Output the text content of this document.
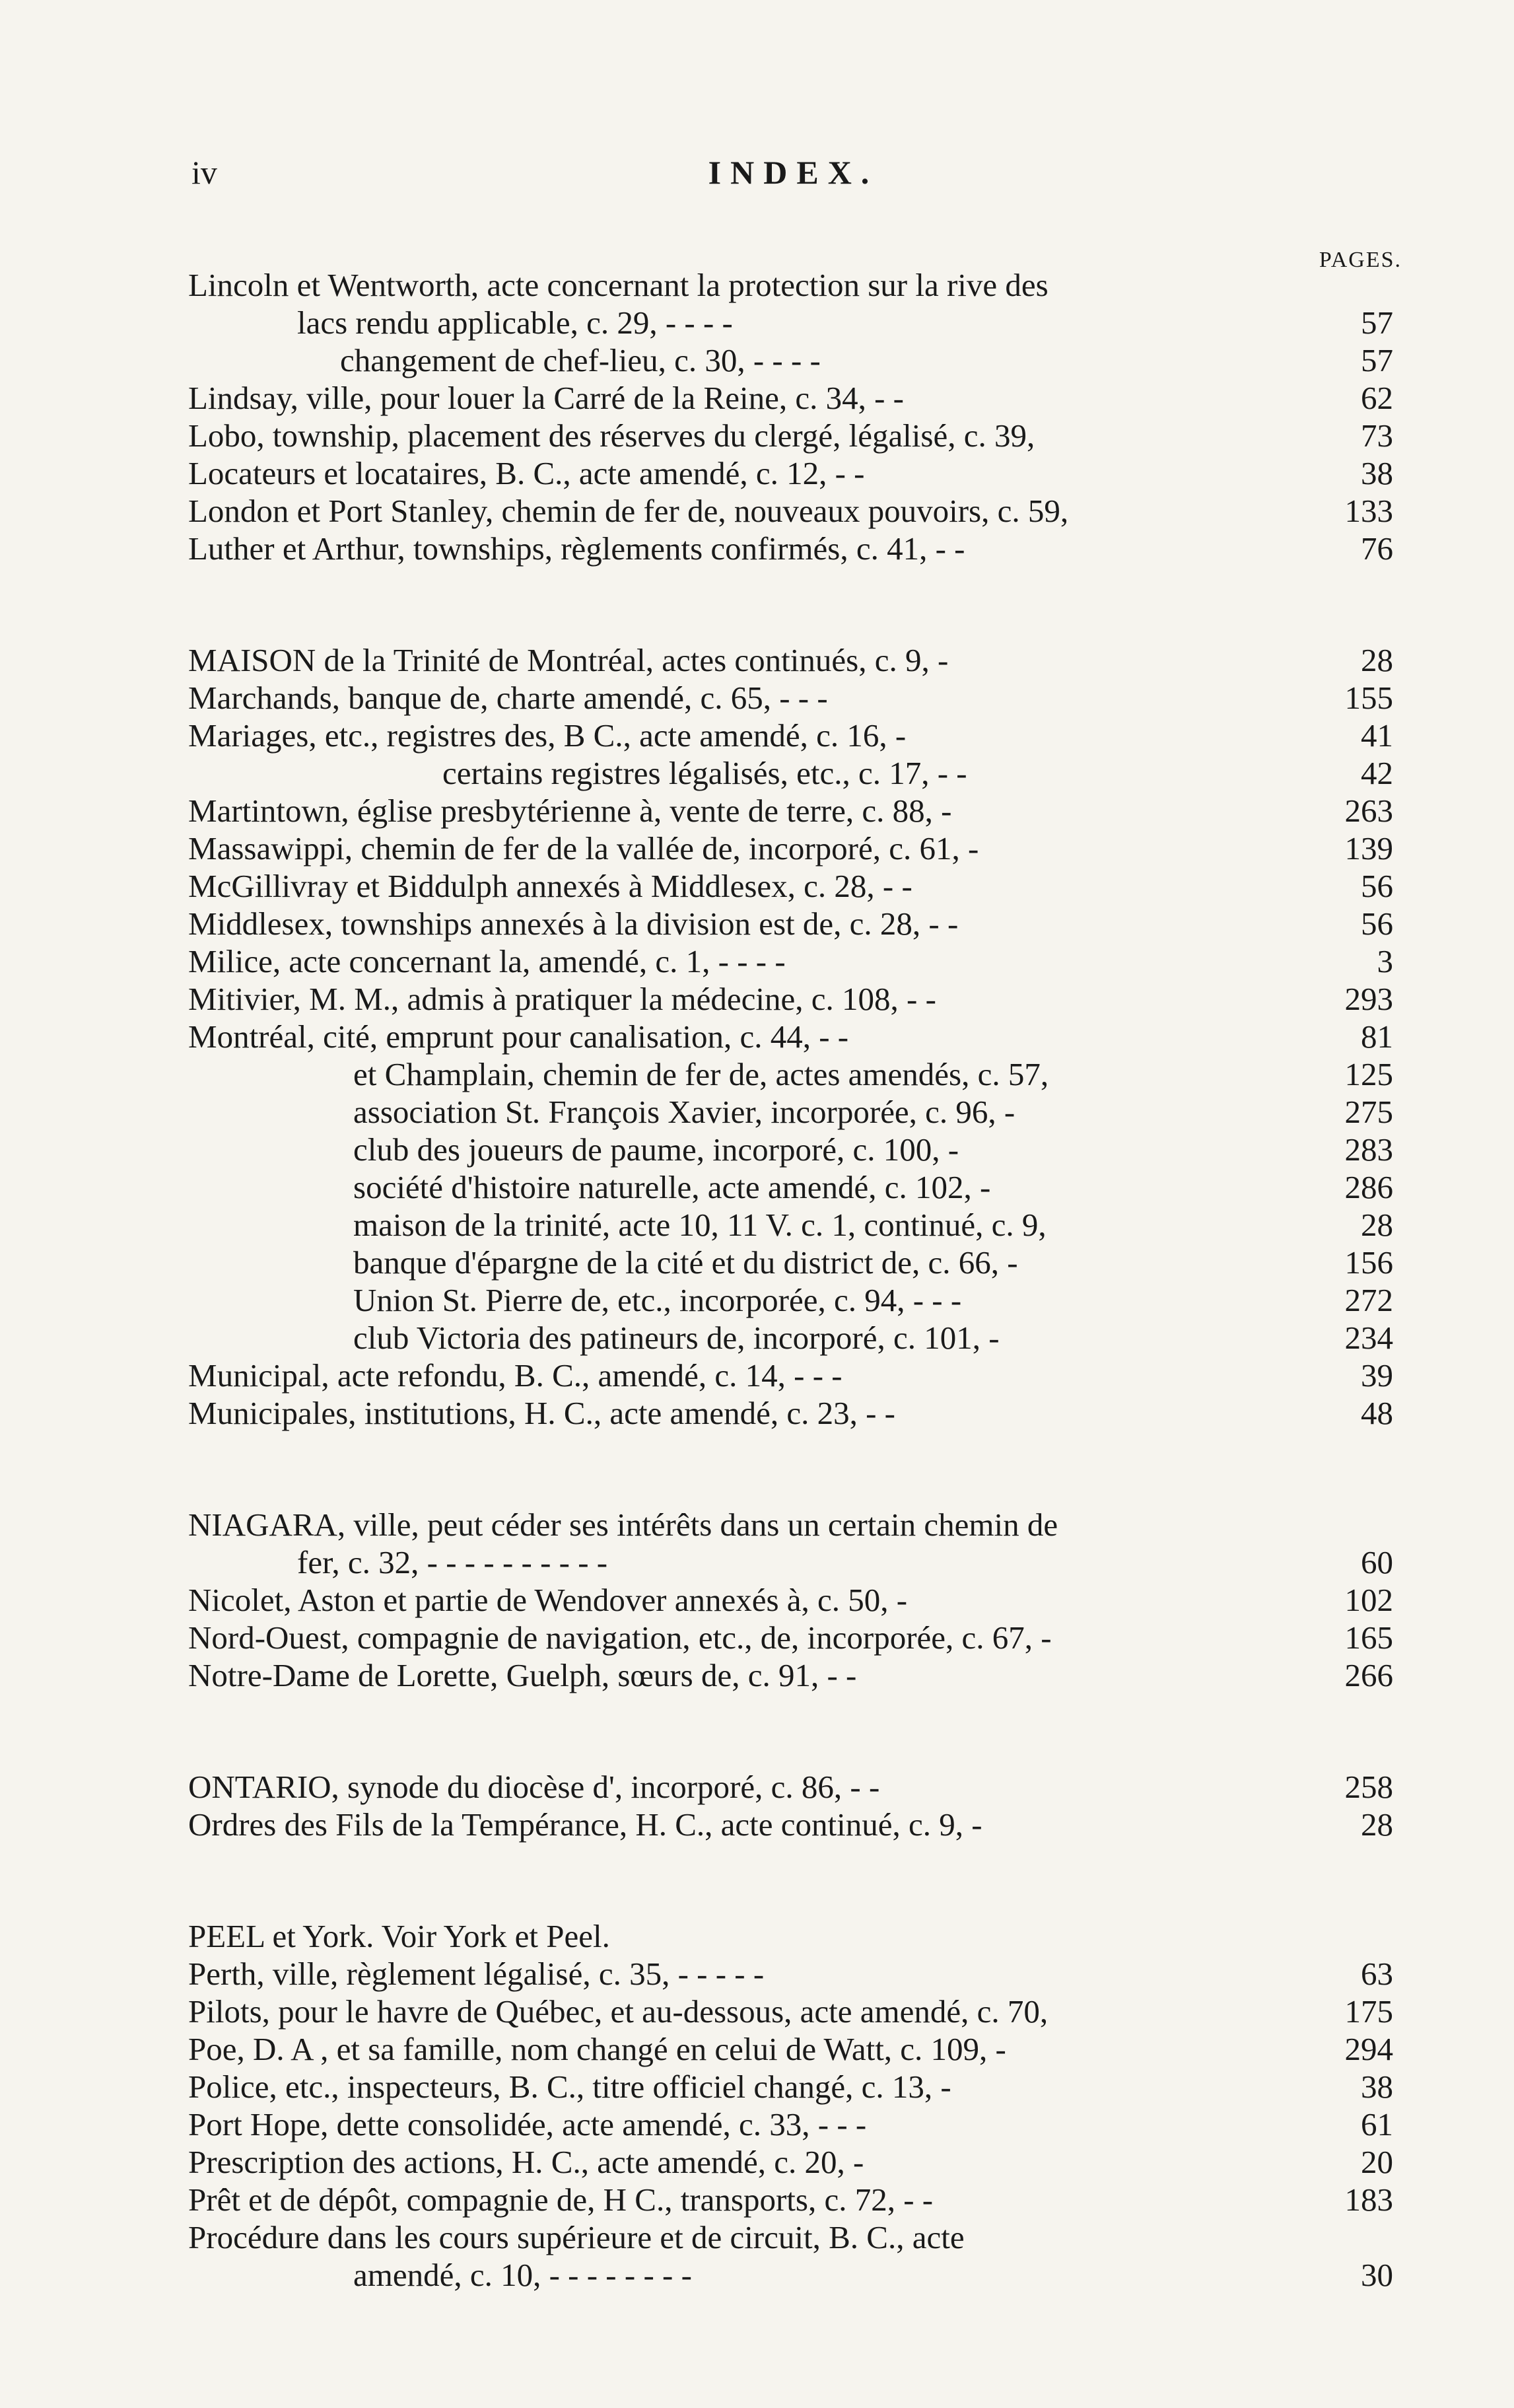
iv	INDEX.
PAGES.
Lincoln et Wentworth, acte concernant la protection sur la rive des
lacs rendu applicable, c. 29, - - - -	57
changement de chef-lieu, c. 30, - - - -	57
Lindsay, ville, pour louer la Carré de la Reine, c. 34, - -	62
Lobo, township, placement des réserves du clergé, légalisé, c. 39,	73
Locateurs et locataires, B. C., acte amendé, c. 12, - -	38
London et Port Stanley, chemin de fer de, nouveaux pouvoirs, c. 59,	133
Luther et Arthur, townships, règlements confirmés, c. 41, - -	76
MAISON de la Trinité de Montréal, actes continués, c. 9, -	28
Marchands, banque de, charte amendé, c. 65, - - -	155
Mariages, etc., registres des, B C., acte amendé, c. 16, -	41
certains registres légalisés, etc., c. 17, - -	42
Martintown, église presbytérienne à, vente de terre, c. 88, -	263
Massawippi, chemin de fer de la vallée de, incorporé, c. 61, -	139
McGillivray et Biddulph annexés à Middlesex, c. 28, - -	56
Middlesex, townships annexés à la division est de, c. 28, - -	56
Milice, acte concernant la, amendé, c. 1, - - - -	3
Mitivier, M. M., admis à pratiquer la médecine, c. 108, - -	293
Montréal, cité, emprunt pour canalisation, c. 44, - -	81
et Champlain, chemin de fer de, actes amendés, c. 57,	125
association St. François Xavier, incorporée, c. 96, -	275
club des joueurs de paume, incorporé, c. 100, -	283
société d'histoire naturelle, acte amendé, c. 102, -	286
maison de la trinité, acte 10, 11 V. c. 1, continué, c. 9,	28
banque d'épargne de la cité et du district de, c. 66, -	156
Union St. Pierre de, etc., incorporée, c. 94, - - -	272
club Victoria des patineurs de, incorporé, c. 101, -	234
Municipal, acte refondu, B. C., amendé, c. 14, - - -	39
Municipales, institutions, H. C., acte amendé, c. 23, - -	48
NIAGARA, ville, peut céder ses intérêts dans un certain chemin de
fer, c. 32, - - - - - - - - - -	60
Nicolet, Aston et partie de Wendover annexés à, c. 50, -	102
Nord-Ouest, compagnie de navigation, etc., de, incorporée, c. 67, -	165
Notre-Dame de Lorette, Guelph, sœurs de, c. 91, - -	266
ONTARIO, synode du diocèse d', incorporé, c. 86, - -	258
Ordres des Fils de la Tempérance, H. C., acte continué, c. 9, -	28
PEEL et York. Voir York et Peel.
Perth, ville, règlement légalisé, c. 35, - - - - -	63
Pilots, pour le havre de Québec, et au-dessous, acte amendé, c. 70,	175
Poe, D. A , et sa famille, nom changé en celui de Watt, c. 109, -	294
Police, etc., inspecteurs, B. C., titre officiel changé, c. 13, -	38
Port Hope, dette consolidée, acte amendé, c. 33, - - -	61
Prescription des actions, H. C., acte amendé, c. 20, -	20
Prêt et de dépôt, compagnie de, H C., transports, c. 72, - -	183
Procédure dans les cours supérieure et de circuit, B. C., acte
amendé, c. 10, - - - - - - - -	30
